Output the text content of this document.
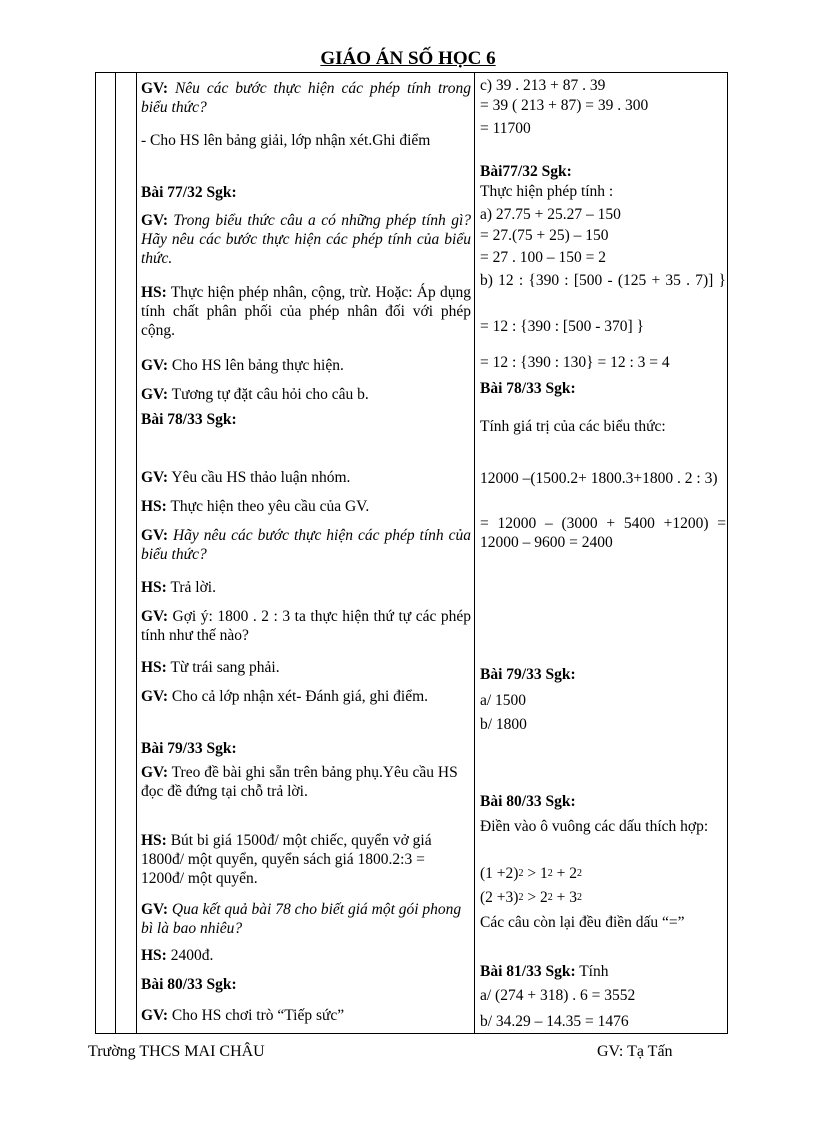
GIÁO ÁN SỐ HỌC 6
GV: Nêu các bước thực hiện các phép tính trong biểu thức?
- Cho HS lên bảng giải, lớp nhận xét.Ghi điểm
Bài 77/32 Sgk:
GV: Trong biểu thức câu a có những phép tính gì? Hãy nêu các bước thực hiện các phép tính của biểu thức.
HS: Thực hiện phép nhân, cộng, trừ. Hoặc: Áp dụng tính chất phân phối của phép nhân đối với phép cộng.
GV: Cho HS lên bảng thực hiện.
GV: Tương tự đặt câu hỏi cho câu b.
Bài 78/33 Sgk:
GV: Yêu cầu HS thảo luận nhóm.
HS: Thực hiện theo yêu cầu của GV.
GV: Hãy nêu các bước thực hiện các phép tính của biểu thức?
HS: Trả lời.
GV: Gợi ý: 1800 . 2 : 3 ta thực hiện thứ tự các phép tính như thế nào?
HS: Từ trái sang phải.
GV: Cho cả lớp nhận xét- Đánh giá, ghi điểm.
Bài 79/33 Sgk:
GV: Treo đề bài ghi sẵn trên bảng phụ.Yêu cầu HS đọc đề đứng tại chỗ trả lời.
HS: Bút bi giá 1500đ/ một chiếc, quyển vở giá 1800đ/ một quyển, quyển sách giá 1800.2:3 = 1200đ/ một quyển.
GV: Qua kết quả bài 78 cho biết giá một gói phong bì là bao nhiêu?
HS: 2400đ.
Bài 80/33 Sgk:
GV: Cho HS chơi trò “Tiếp sức”
c) 39 . 213 + 87 . 39
= 39 ( 213 + 87) = 39 . 300
= 11700
Bài77/32 Sgk:
Thực hiện phép tính :
a) 27.75 + 25.27 – 150
= 27.(75 + 25) – 150
= 27 . 100 – 150 = 2
b) 12 : {390 : [500 - (125 + 35 . 7)] }
= 12 : {390 : [500 - 370] }
= 12 : {390 : 130} = 12 : 3 = 4
Bài 78/33 Sgk:
Tính giá trị của các biểu thức:
12000 –(1500.2+ 1800.3+1800 . 2 : 3)
= 12000 – (3000 + 5400 +1200) = 12000 – 9600 = 2400
Bài 79/33 Sgk:
a/ 1500
b/ 1800
Bài 80/33 Sgk:
Điền vào ô vuông các dấu thích hợp:
$(1 +2)^2 > 1^2 + 2^2$
$(2 +3)^2 > 2^2 + 3^2$
Các câu còn lại đều điền dấu “=”
Bài 81/33 Sgk: Tính
a/ (274 + 318) . 6 = 3552
b/ 34.29 – 14.35 = 1476
Trường THCS MAI CHÂU	GV: Tạ Tấn
